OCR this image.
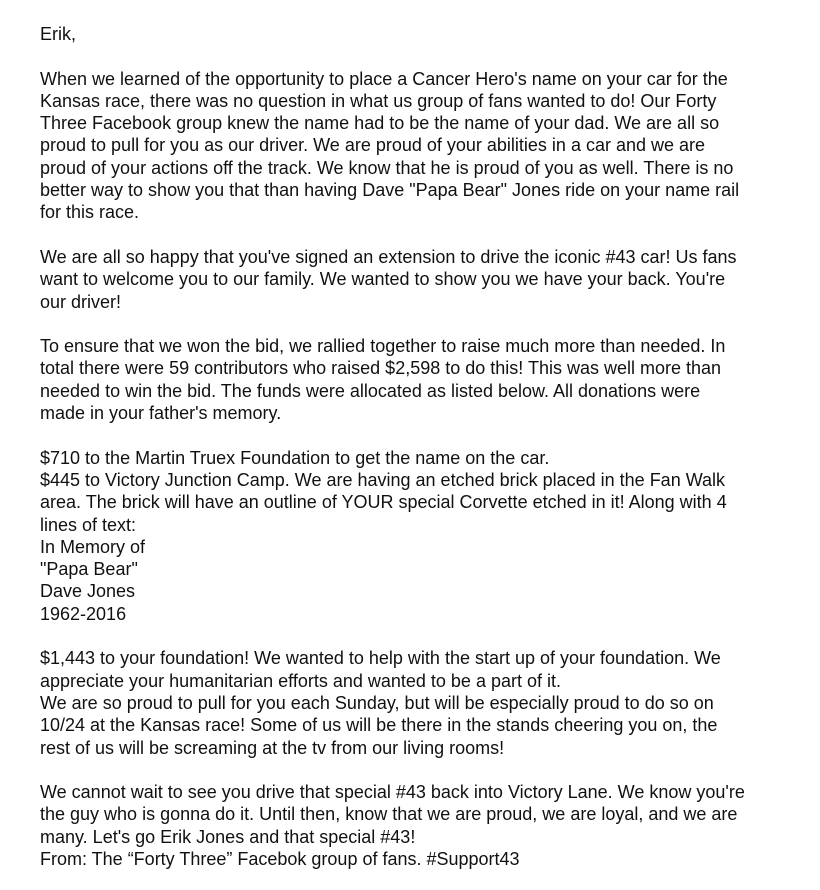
Erik,
When we learned of the opportunity to place a Cancer Hero's name on your car for the
Kansas race, there was no question in what us group of fans wanted to do! Our Forty
Three Facebook group knew the name had to be the name of your dad. We are all so
proud to pull for you as our driver. We are proud of your abilities in a car and we are
proud of your actions off the track. We know that he is proud of you as well. There is no
better way to show you that than having Dave "Papa Bear" Jones ride on your name rail
for this race.
We are all so happy that you've signed an extension to drive the iconic #43 car! Us fans
want to welcome you to our family. We wanted to show you we have your back. You're
our driver!
To ensure that we won the bid, we rallied together to raise much more than needed. In
total there were 59 contributors who raised $2,598 to do this! This was well more than
needed to win the bid. The funds were allocated as listed below. All donations were
made in your father's memory.
$710 to the Martin Truex Foundation to get the name on the car.
$445 to Victory Junction Camp. We are having an etched brick placed in the Fan Walk
area. The brick will have an outline of YOUR special Corvette etched in it! Along with 4
lines of text:
In Memory of
"Papa Bear"
Dave Jones
1962-2016
$1,443 to your foundation! We wanted to help with the start up of your foundation. We
appreciate your humanitarian efforts and wanted to be a part of it.
We are so proud to pull for you each Sunday, but will be especially proud to do so on
10/24 at the Kansas race! Some of us will be there in the stands cheering you on, the
rest of us will be screaming at the tv from our living rooms!
We cannot wait to see you drive that special #43 back into Victory Lane. We know you're
the guy who is gonna do it. Until then, know that we are proud, we are loyal, and we are
many. Let's go Erik Jones and that special #43!
From: The “Forty Three” Facebok group of fans. #Support43
